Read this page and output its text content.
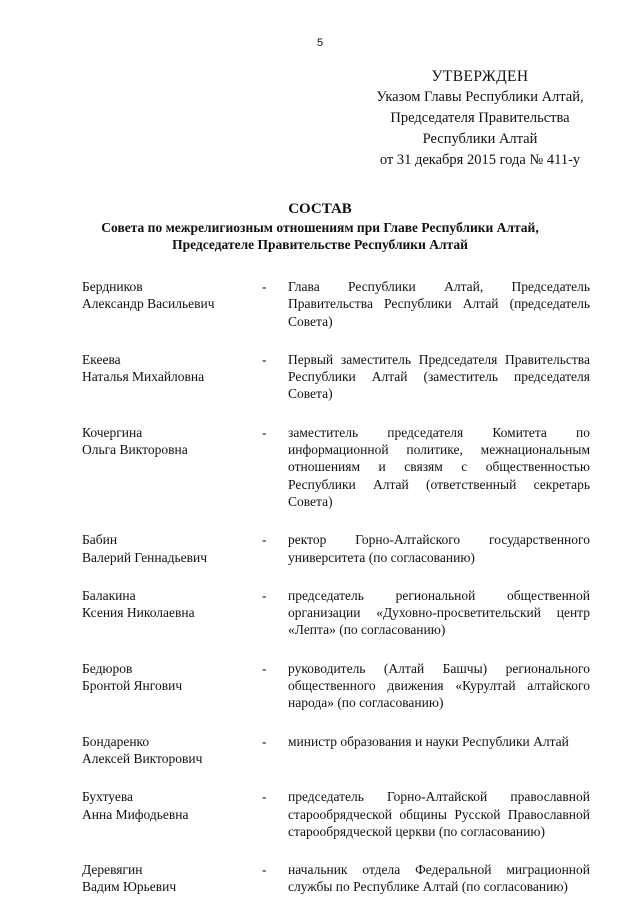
5
УТВЕРЖДЕН
Указом Главы Республики Алтай,
Председателя Правительства
Республики Алтай
от 31 декабря 2015 года № 411-у
СОСТАВ
Совета по межрелигиозным отношениям при Главе Республики Алтай,
Председателе Правительстве Республики Алтай
Бердников
Александр Васильевич
-	Глава Республики Алтай, Председатель Правительства Республики Алтай (председатель Совета)
Екеева
Наталья Михайловна
-	Первый заместитель Председателя Правительства Республики Алтай (заместитель председателя Совета)
Кочергина
Ольга Викторовна
-	заместитель председателя Комитета по информационной политике, межнациональным отношениям и связям с общественностью Республики Алтай (ответственный секретарь Совета)
Бабин
Валерий Геннадьевич
-	ректор Горно-Алтайского государственного университета (по согласованию)
Балакина
Ксения Николаевна
-	председатель региональной общественной организации «Духовно-просветительский центр «Лепта» (по согласованию)
Бедюров
Бронтой Янгович
-	руководитель (Алтай Башчы) регионального общественного движения «Курултай алтайского народа» (по согласованию)
Бондаренко
Алексей Викторович
-	министр образования и науки Республики Алтай
Бухтуева
Анна Мифодьевна
-	председатель Горно-Алтайской православной старообрядческой общины Русской Православной старообрядческой церкви (по согласованию)
Деревягин
Вадим Юрьевич
-	начальник отдела Федеральной миграционной службы по Республике Алтай (по согласованию)
